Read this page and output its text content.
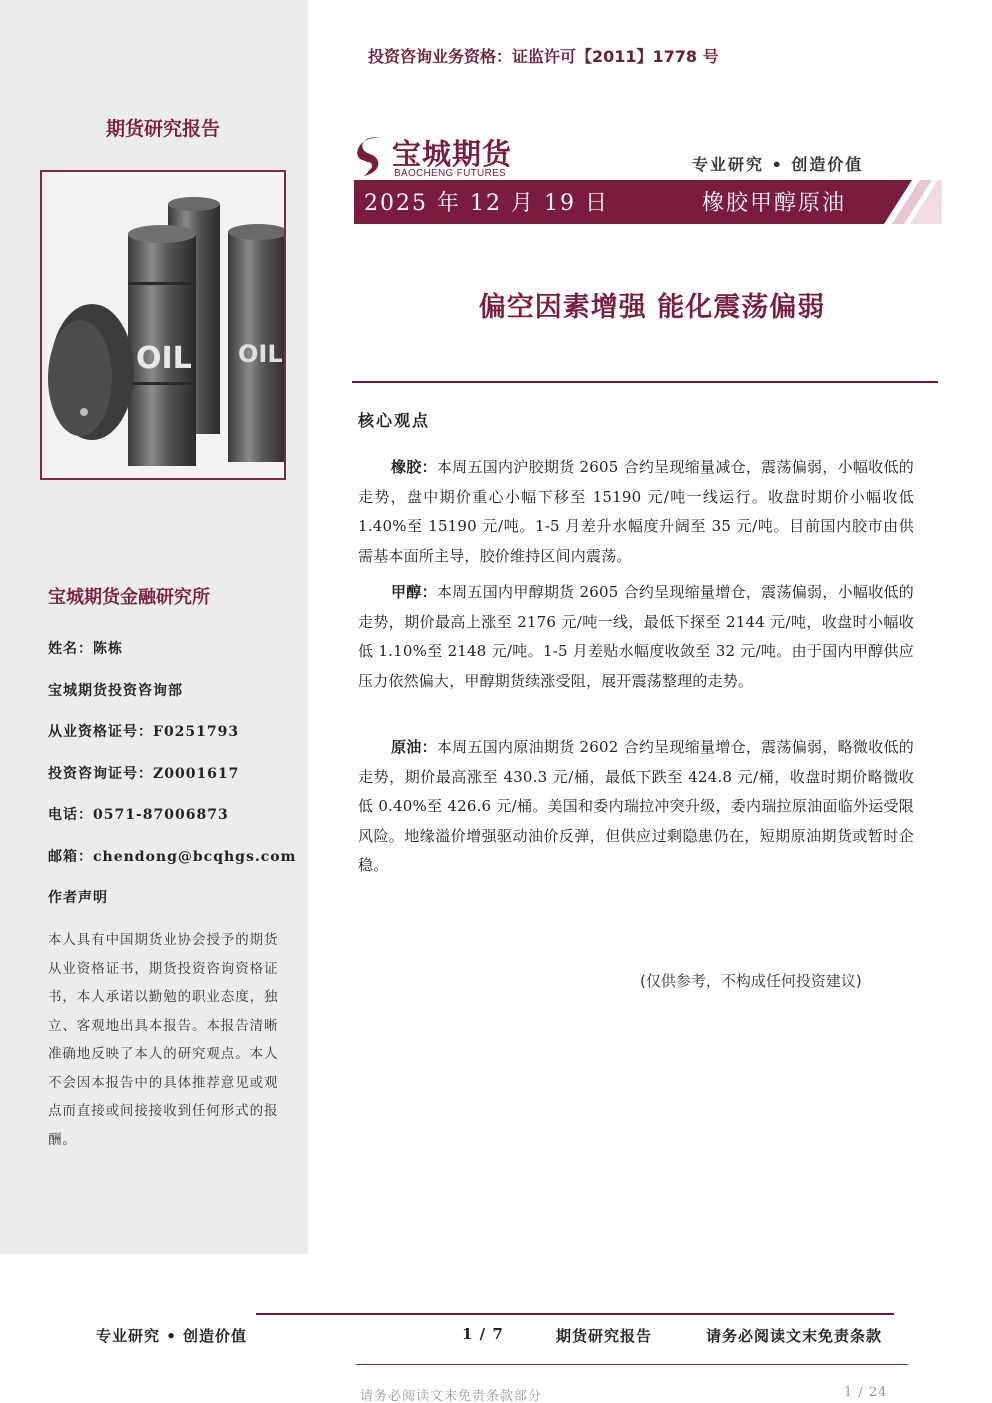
投资咨询业务资格：证监许可【2011】1778 号
期货研究报告
OIL OIL
宝城期货金融研究所
姓名：陈栋
宝城期货投资咨询部
从业资格证号：F0251793
投资咨询证号：Z0001617
电话：0571-87006873
邮箱：chendong@bcqhgs.com
作者声明
本人具有中国期货业协会授予的期货从业资格证书，期货投资咨询资格证书，本人承诺以勤勉的职业态度，独立、客观地出具本报告。本报告清晰准确地反映了本人的研究观点。本人不会因本报告中的具体推荐意见或观点而直接或间接接收到任何形式的报酬。
宝城期货
BAOCHENG FUTURES	专业研究 • 创造价值
2025 年 12 月 19 日	橡胶甲醇原油
偏空因素增强 能化震荡偏弱
核心观点

橡胶：本周五国内沪胶期货 2605 合约呈现缩量减仓，震荡偏弱，小幅收低的走势，盘中期价重心小幅下移至 15190 元/吨一线运行。收盘时期价小幅收低 1.40%至 15190 元/吨。1-5 月差升水幅度升阔至 35 元/吨。目前国内胶市由供需基本面所主导，胶价维持区间内震荡。

甲醇：本周五国内甲醇期货 2605 合约呈现缩量增仓，震荡偏弱，小幅收低的走势，期价最高上涨至 2176 元/吨一线，最低下探至 2144 元/吨，收盘时小幅收低 1.10%至 2148 元/吨。1-5 月差贴水幅度收敛至 32 元/吨。由于国内甲醇供应压力依然偏大，甲醇期货续涨受阻，展开震荡整理的走势。

原油：本周五国内原油期货 2602 合约呈现缩量增仓，震荡偏弱，略微收低的走势，期价最高涨至 430.3 元/桶，最低下跌至 424.8 元/桶，收盘时期价略微收低 0.40%至 426.6 元/桶。美国和委内瑞拉冲突升级，委内瑞拉原油面临外运受限风险。地缘溢价增强驱动油价反弹，但供应过剩隐患仍在，短期原油期货或暂时企稳。

(仅供参考，不构成任何投资建议)
专业研究 • 创造价值	1 / 7	期货研究报告	请务必阅读文末免责条款
请务必阅读文末免责条款部分	1 / 24
